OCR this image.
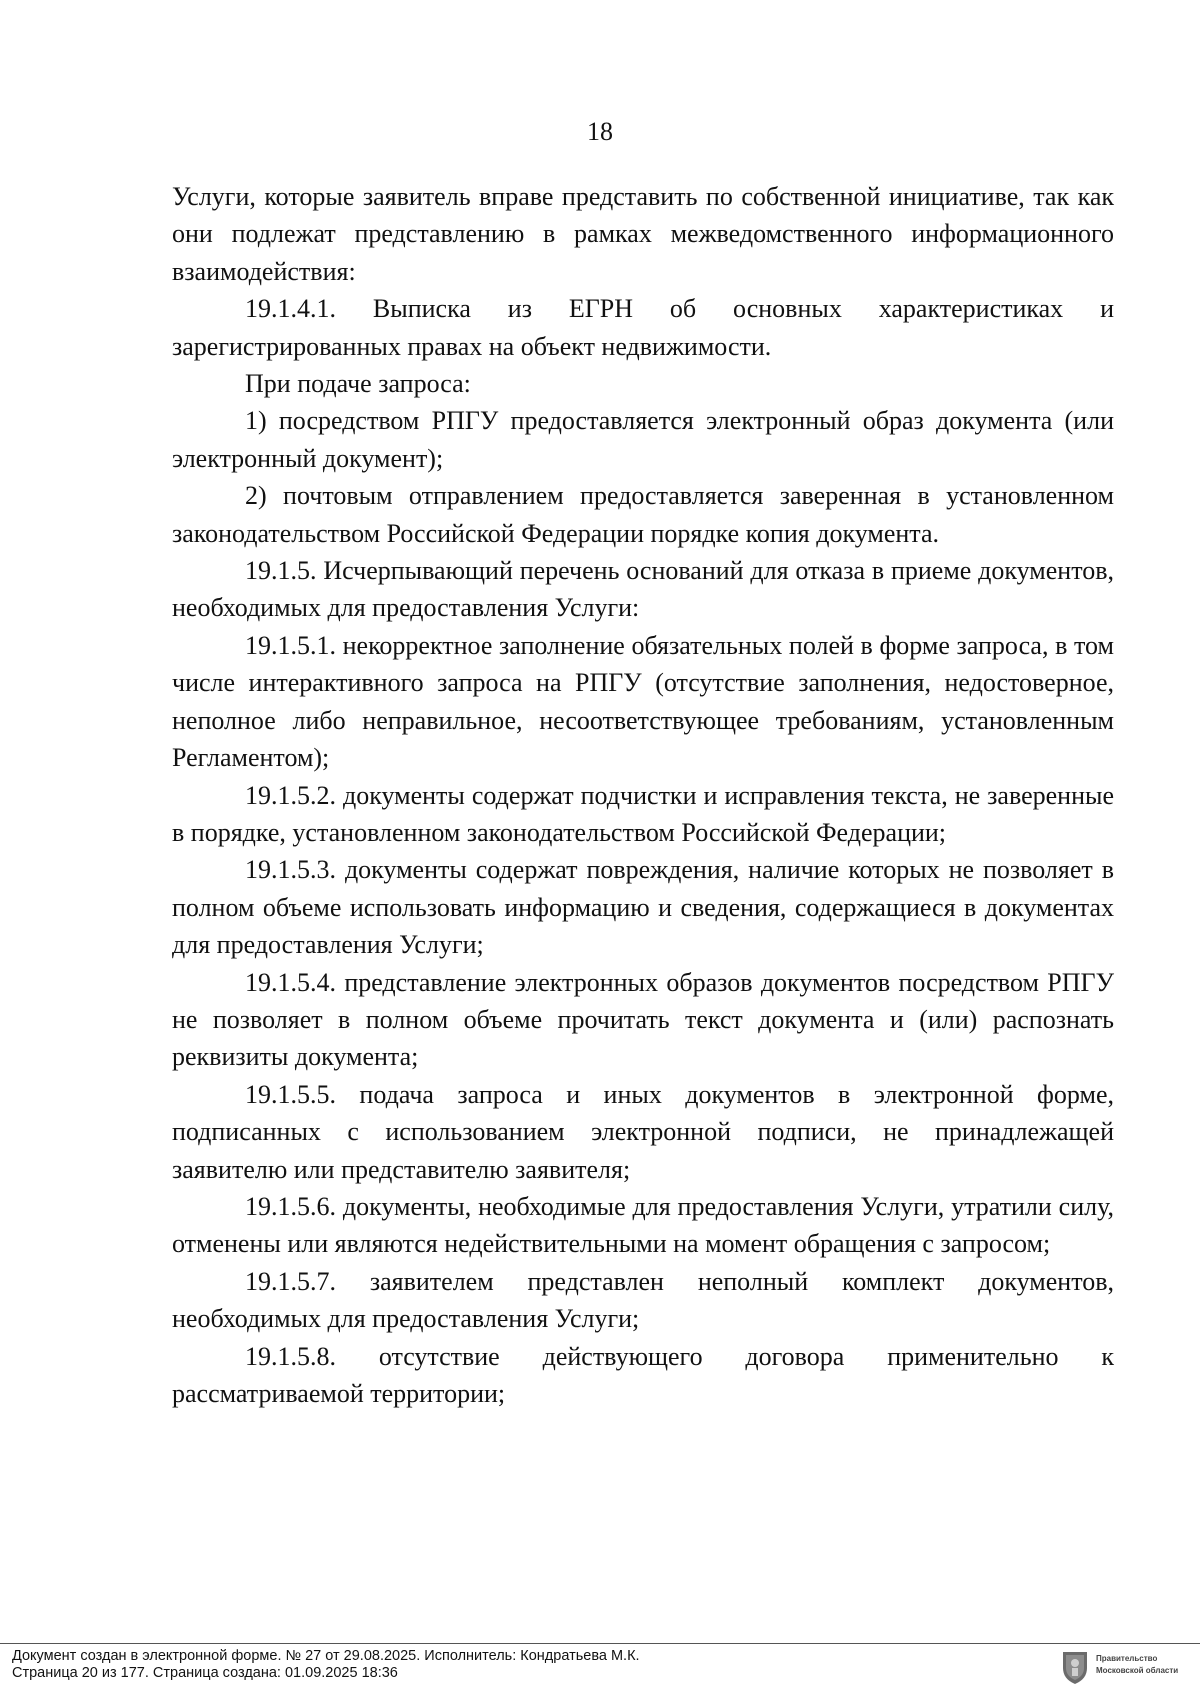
18

Услуги, которые заявитель вправе представить по собственной инициативе, так как они подлежат представлению в рамках межведомственного информационного взаимодействия:

19.1.4.1. Выписка из ЕГРН об основных характеристиках и зарегистрированных правах на объект недвижимости.

При подаче запроса:

1) посредством РПГУ предоставляется электронный образ документа (или электронный документ);

2) почтовым отправлением предоставляется заверенная в установленном законодательством Российской Федерации порядке копия документа.

19.1.5. Исчерпывающий перечень оснований для отказа в приеме документов, необходимых для предоставления Услуги:

19.1.5.1. некорректное заполнение обязательных полей в форме запроса, в том числе интерактивного запроса на РПГУ (отсутствие заполнения, недостоверное, неполное либо неправильное, несоответствующее требованиям, установленным Регламентом);

19.1.5.2. документы содержат подчистки и исправления текста, не заверенные в порядке, установленном законодательством Российской Федерации;

19.1.5.3. документы содержат повреждения, наличие которых не позволяет в полном объеме использовать информацию и сведения, содержащиеся в документах для предоставления Услуги;

19.1.5.4. представление электронных образов документов посредством РПГУ не позволяет в полном объеме прочитать текст документа и (или) распознать реквизиты документа;

19.1.5.5. подача запроса и иных документов в электронной форме, подписанных с использованием электронной подписи, не принадлежащей заявителю или представителю заявителя;

19.1.5.6. документы, необходимые для предоставления Услуги, утратили силу, отменены или являются недействительными на момент обращения с запросом;

19.1.5.7. заявителем представлен неполный комплект документов, необходимых для предоставления Услуги;

19.1.5.8. отсутствие действующего договора применительно к рассматриваемой территории;

Документ создан в электронной форме. № 27 от 29.08.2025. Исполнитель: Кондратьева М.К.
Страница 20 из 177. Страница создана: 01.09.2025 18:36
Правительство
Московской области
